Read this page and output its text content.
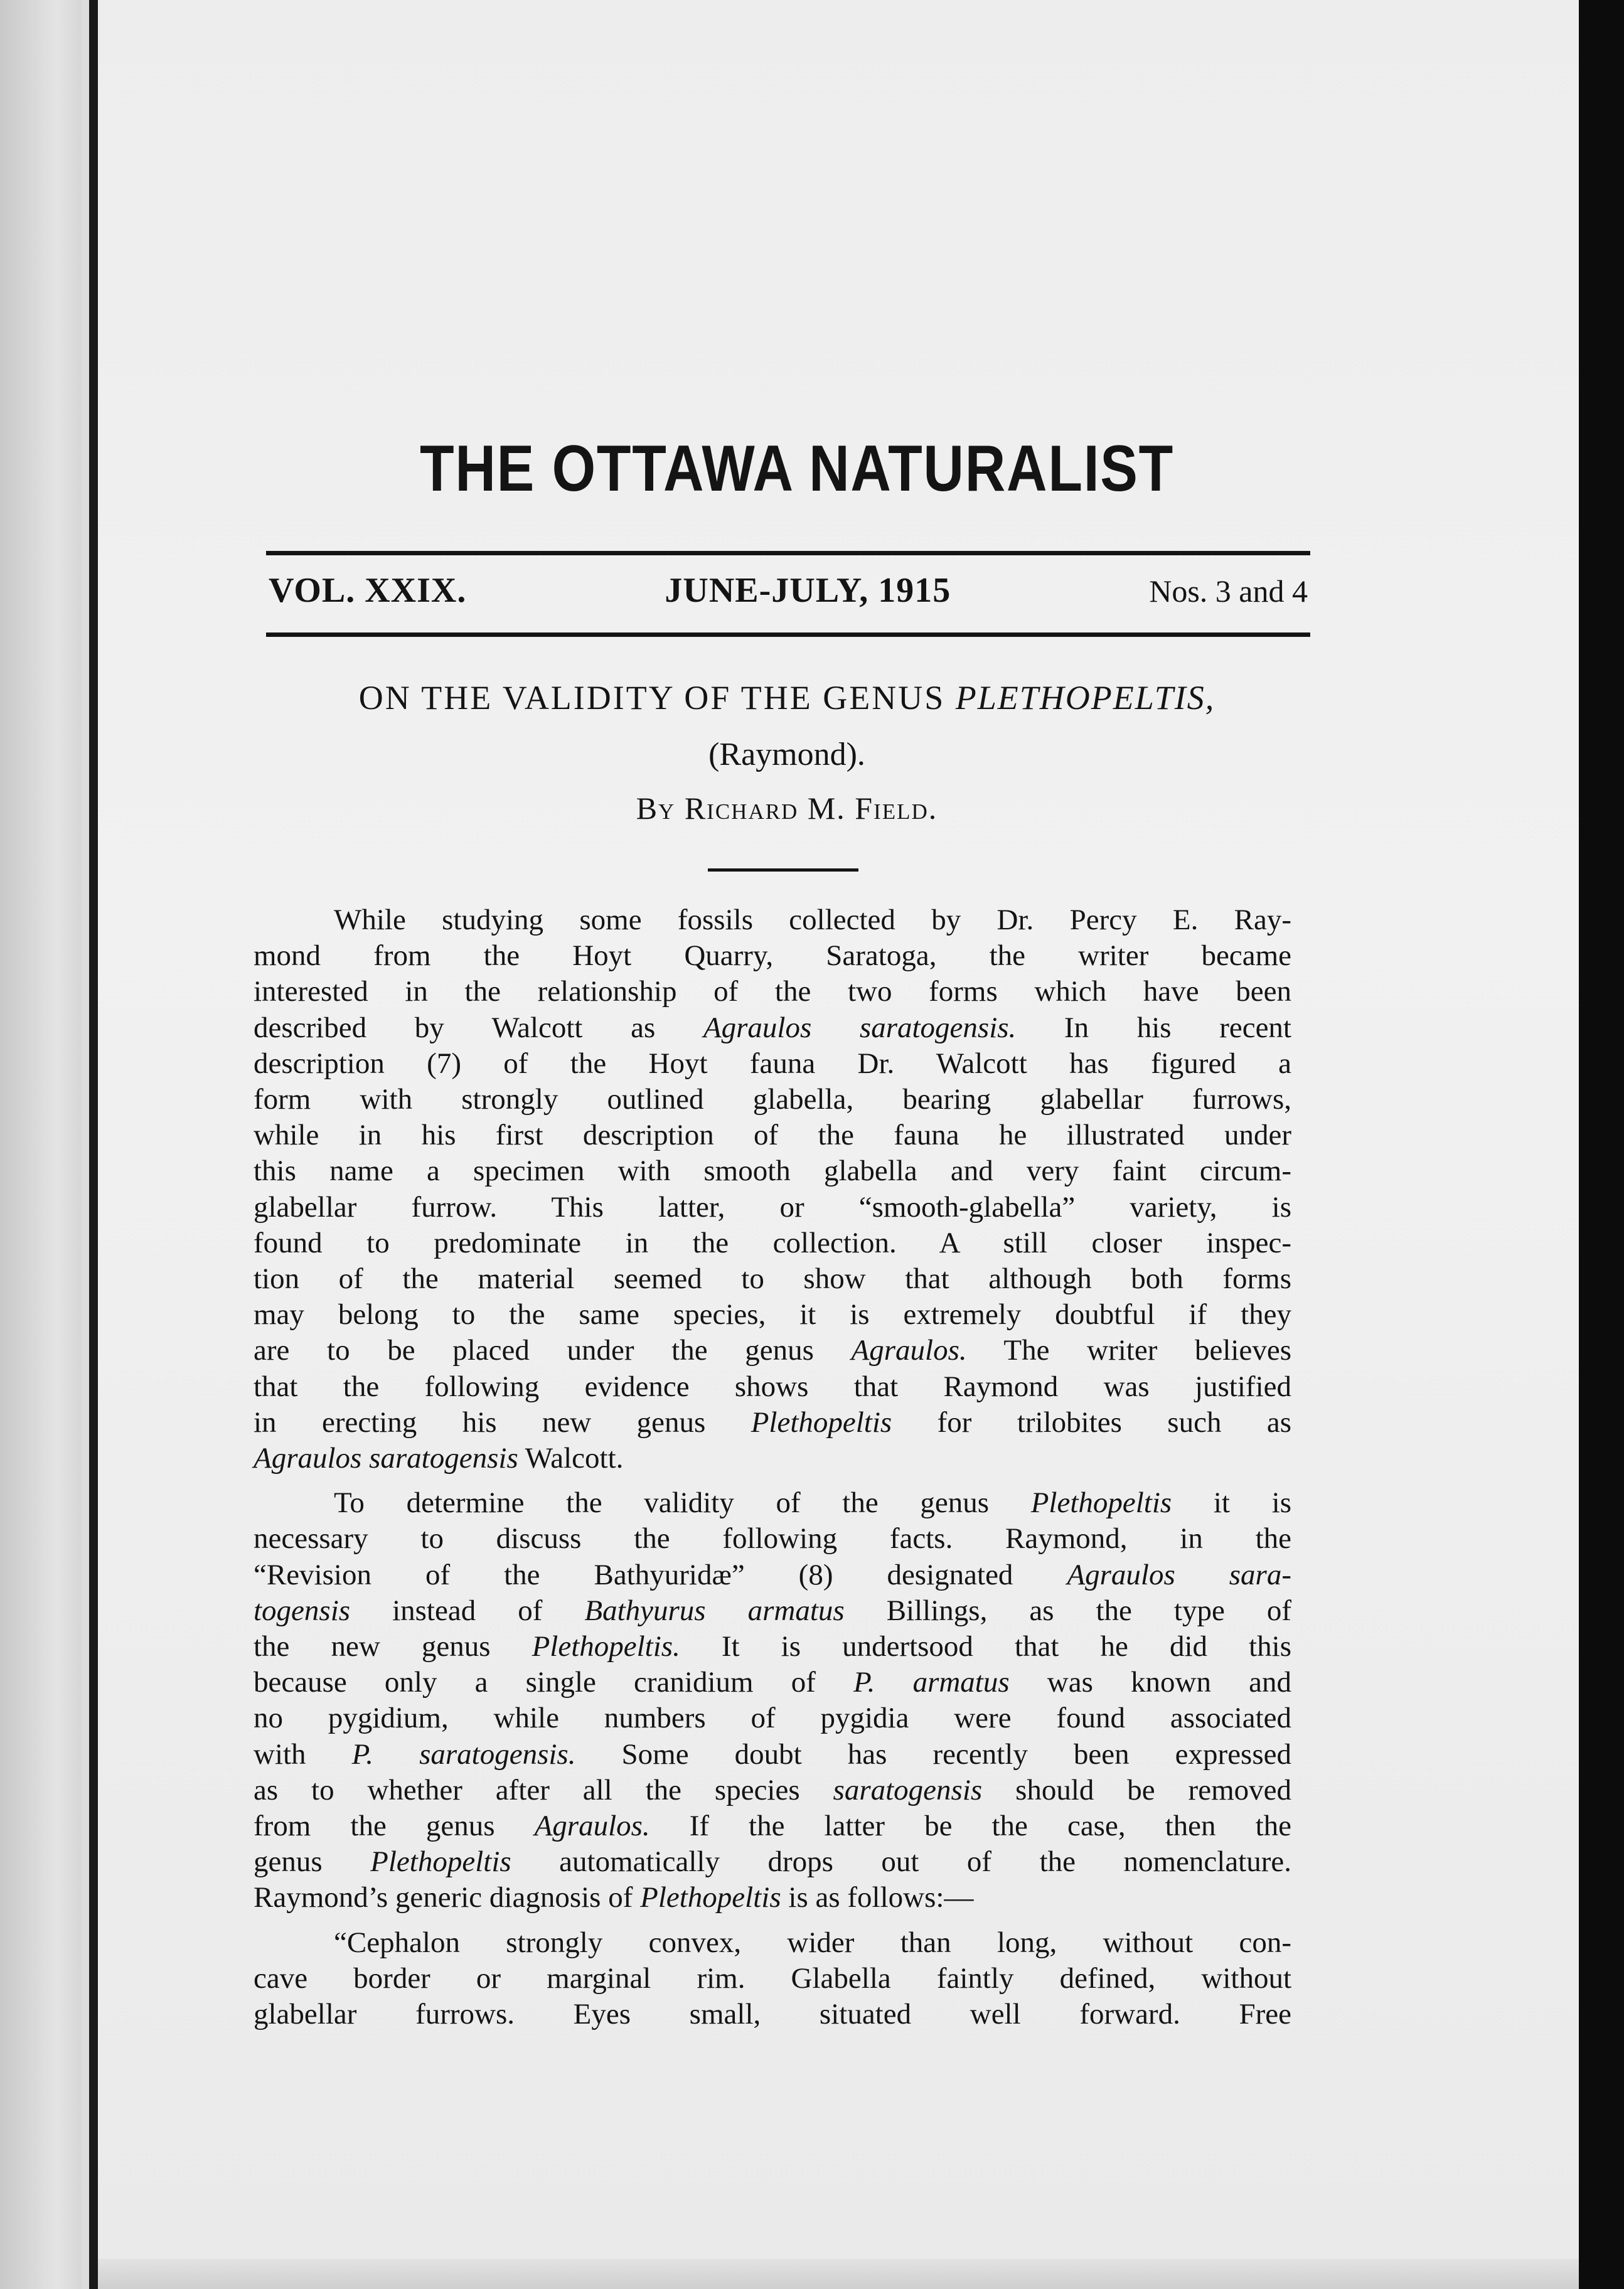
THE OTTAWA NATURALIST
VOL. XXIX.	JUNE-JULY, 1915	Nos. 3 and 4
ON THE VALIDITY OF THE GENUS PLETHOPELTIS,
(Raymond).
By Richard M. Field.

While studying some fossils collected by Dr. Percy E. Ray-
mond from the Hoyt Quarry, Saratoga, the writer became
interested in the relationship of the two forms which have been
described by Walcott as Agraulos saratogensis. In his recent
description (7) of the Hoyt fauna Dr. Walcott has figured a
form with strongly outlined glabella, bearing glabellar furrows,
while in his first description of the fauna he illustrated under
this name a specimen with smooth glabella and very faint circum-
glabellar furrow. This latter, or “smooth-glabella” variety, is
found to predominate in the collection. A still closer inspec-
tion of the material seemed to show that although both forms
may belong to the same species, it is extremely doubtful if they
are to be placed under the genus Agraulos. The writer believes
that the following evidence shows that Raymond was justified
in erecting his new genus Plethopeltis for trilobites such as
Agraulos saratogensis Walcott.

To determine the validity of the genus Plethopeltis it is
necessary to discuss the following facts. Raymond, in the
“Revision of the Bathyuridæ” (8) designated Agraulos sara-
togensis instead of Bathyurus armatus Billings, as the type of
the new genus Plethopeltis. It is undertsood that he did this
because only a single cranidium of P. armatus was known and
no pygidium, while numbers of pygidia were found associated
with P. saratogensis. Some doubt has recently been expressed
as to whether after all the species saratogensis should be removed
from the genus Agraulos. If the latter be the case, then the
genus Plethopeltis automatically drops out of the nomenclature.
Raymond’s generic diagnosis of Plethopeltis is as follows:—

“Cephalon strongly convex, wider than long, without con-
cave border or marginal rim. Glabella faintly defined, without
glabellar furrows. Eyes small, situated well forward. Free
